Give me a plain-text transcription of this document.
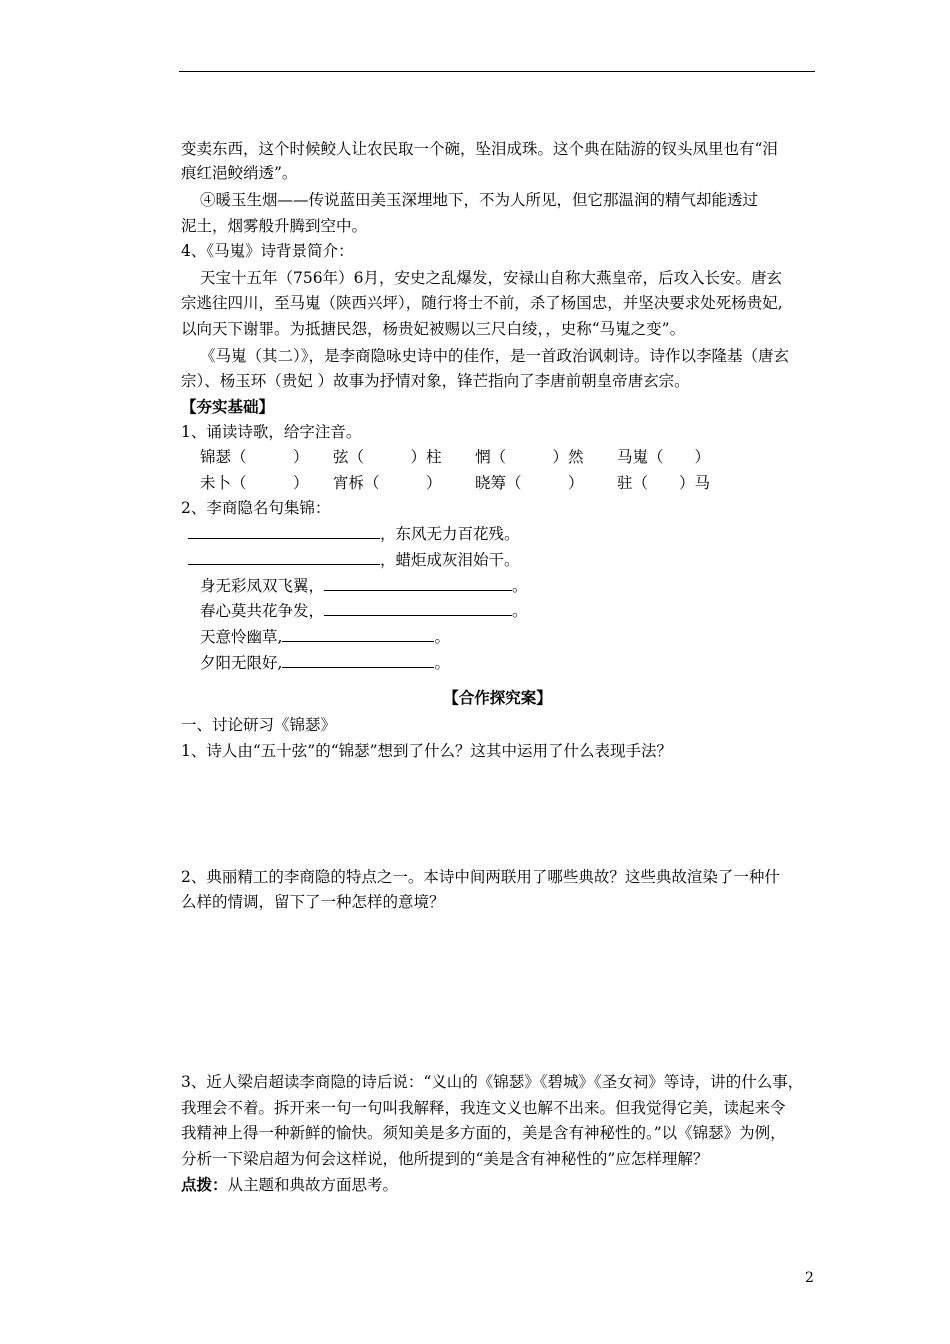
变卖东西，这个时候鲛人让农民取一个碗，坠泪成珠。这个典在陆游的钗头凤里也有“泪
痕红浥鲛绡透”。
④暖玉生烟——传说蓝田美玉深埋地下，不为人所见，但它那温润的精气却能透过
泥土，烟雾般升腾到空中。
4、《马嵬》诗背景简介：
天宝十五年（756年）6月，安史之乱爆发，安禄山自称大燕皇帝，后攻入长安。唐玄
宗逃往四川，至马嵬（陕西兴坪），随行将士不前，杀了杨国忠，并坚决要求处死杨贵妃,
以向天下谢罪。为抵搪民怨，杨贵妃被赐以三尺白绫，，史称“马嵬之变”。
《马嵬（其二）》，是李商隐咏史诗中的佳作，是一首政治讽刺诗。诗作以李隆基（唐玄
宗）、杨玉环（贵妃 ）故事为抒情对象，锋芒指向了李唐前朝皇帝唐玄宗。
【夯实基础】
1、诵读诗歌，给字注音。
锦瑟（　　　） 弦（　　　）柱 惘（　　　）然 马嵬（　　）
未卜（　　　） 宵柝（　　　） 晓筹（　　　） 驻（　　）马
2、李商隐名句集锦：
，东风无力百花残。
，蜡炬成灰泪始干。
身无彩凤双飞翼，	。
春心莫共花争发，	。
天意怜幽草,	。
夕阳无限好,	。
【合作探究案】
一、讨论研习《锦瑟》
1、诗人由“五十弦”的“锦瑟”想到了什么？这其中运用了什么表现手法？
2、典丽精工的李商隐的特点之一。本诗中间两联用了哪些典故？这些典故渲染了一种什
么样的情调，留下了一种怎样的意境？
3、近人梁启超读李商隐的诗后说：“义山的《锦瑟》《碧城》《圣女祠》等诗，讲的什么事，
我理会不着。拆开来一句一句叫我解释，我连文义也解不出来。但我觉得它美，读起来令
我精神上得一种新鲜的愉快。须知美是多方面的，美是含有神秘性的。”以《锦瑟》为例，
分析一下梁启超为何会这样说，他所提到的“美是含有神秘性的”应怎样理解？
点拨：从主题和典故方面思考。
2
